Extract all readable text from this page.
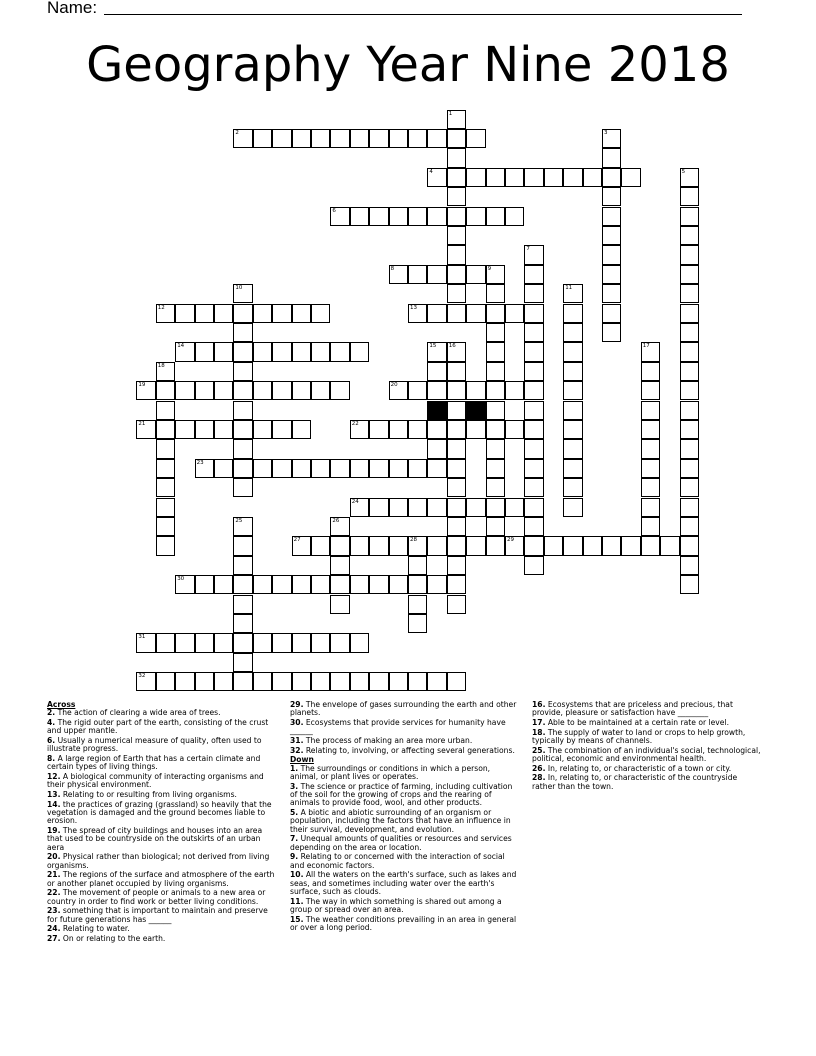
Name:
Geography Year Nine 2018
1
2	3
4	5
6
7
8	9
10	11
12	13
14	15 16	17
18
19	20
21	22
23
24
25	26
27	28	29
30
31
32
Across
2. The action of clearing a wide area of trees.
4. The rigid outer part of the earth, consisting of the crust and upper mantle.
6. Usually a numerical measure of quality, often used to illustrate progress.
8. A large region of Earth that has a certain climate and certain types of living things.
12. A biological community of interacting organisms and their physical environment.
13. Relating to or resulting from living organisms.
14. the practices of grazing (grassland) so heavily that the vegetation is damaged and the ground becomes liable to erosion.
19. The spread of city buildings and houses into an area that used to be countryside on the outskirts of an urban aera
20. Physical rather than biological; not derived from living organisms.
21. The regions of the surface and atmosphere of the earth or another planet occupied by living organisms.
22. The movement of people or animals to a new area or country in order to find work or better living conditions.
23. something that is important to maintain and preserve for future generations has ______
24. Relating to water.
27. On or relating to the earth.
29. The envelope of gases surrounding the earth and other planets.
30. Ecosystems that provide services for humanity have ______
31. The process of making an area more urban.
32. Relating to, involving, or affecting several generations.
Down
1. The surroundings or conditions in which a person, animal, or plant lives or operates.
3. The science or practice of farming, including cultivation of the soil for the growing of crops and the rearing of animals to provide food, wool, and other products.
5. A biotic and abiotic surrounding of an organism or population, including the factors that have an influence in their survival, development, and evolution.
7. Unequal amounts of qualities or resources and services depending on the area or location.
9. Relating to or concerned with the interaction of social and economic factors.
10. All the waters on the earth's surface, such as lakes and seas, and sometimes including water over the earth's surface, such as clouds.
11. The way in which something is shared out among a group or spread over an area.
15. The weather conditions prevailing in an area in general or over a long period.
16. Ecosystems that are priceless and precious, that provide, pleasure or satisfaction have ________
17. Able to be maintained at a certain rate or level.
18. The supply of water to land or crops to help growth, typically by means of channels.
25. The combination of an individual's social, technological, political, economic and environmental health.
26. In, relating to, or characteristic of a town or city.
28. In, relating to, or characteristic of the countryside rather than the town.
